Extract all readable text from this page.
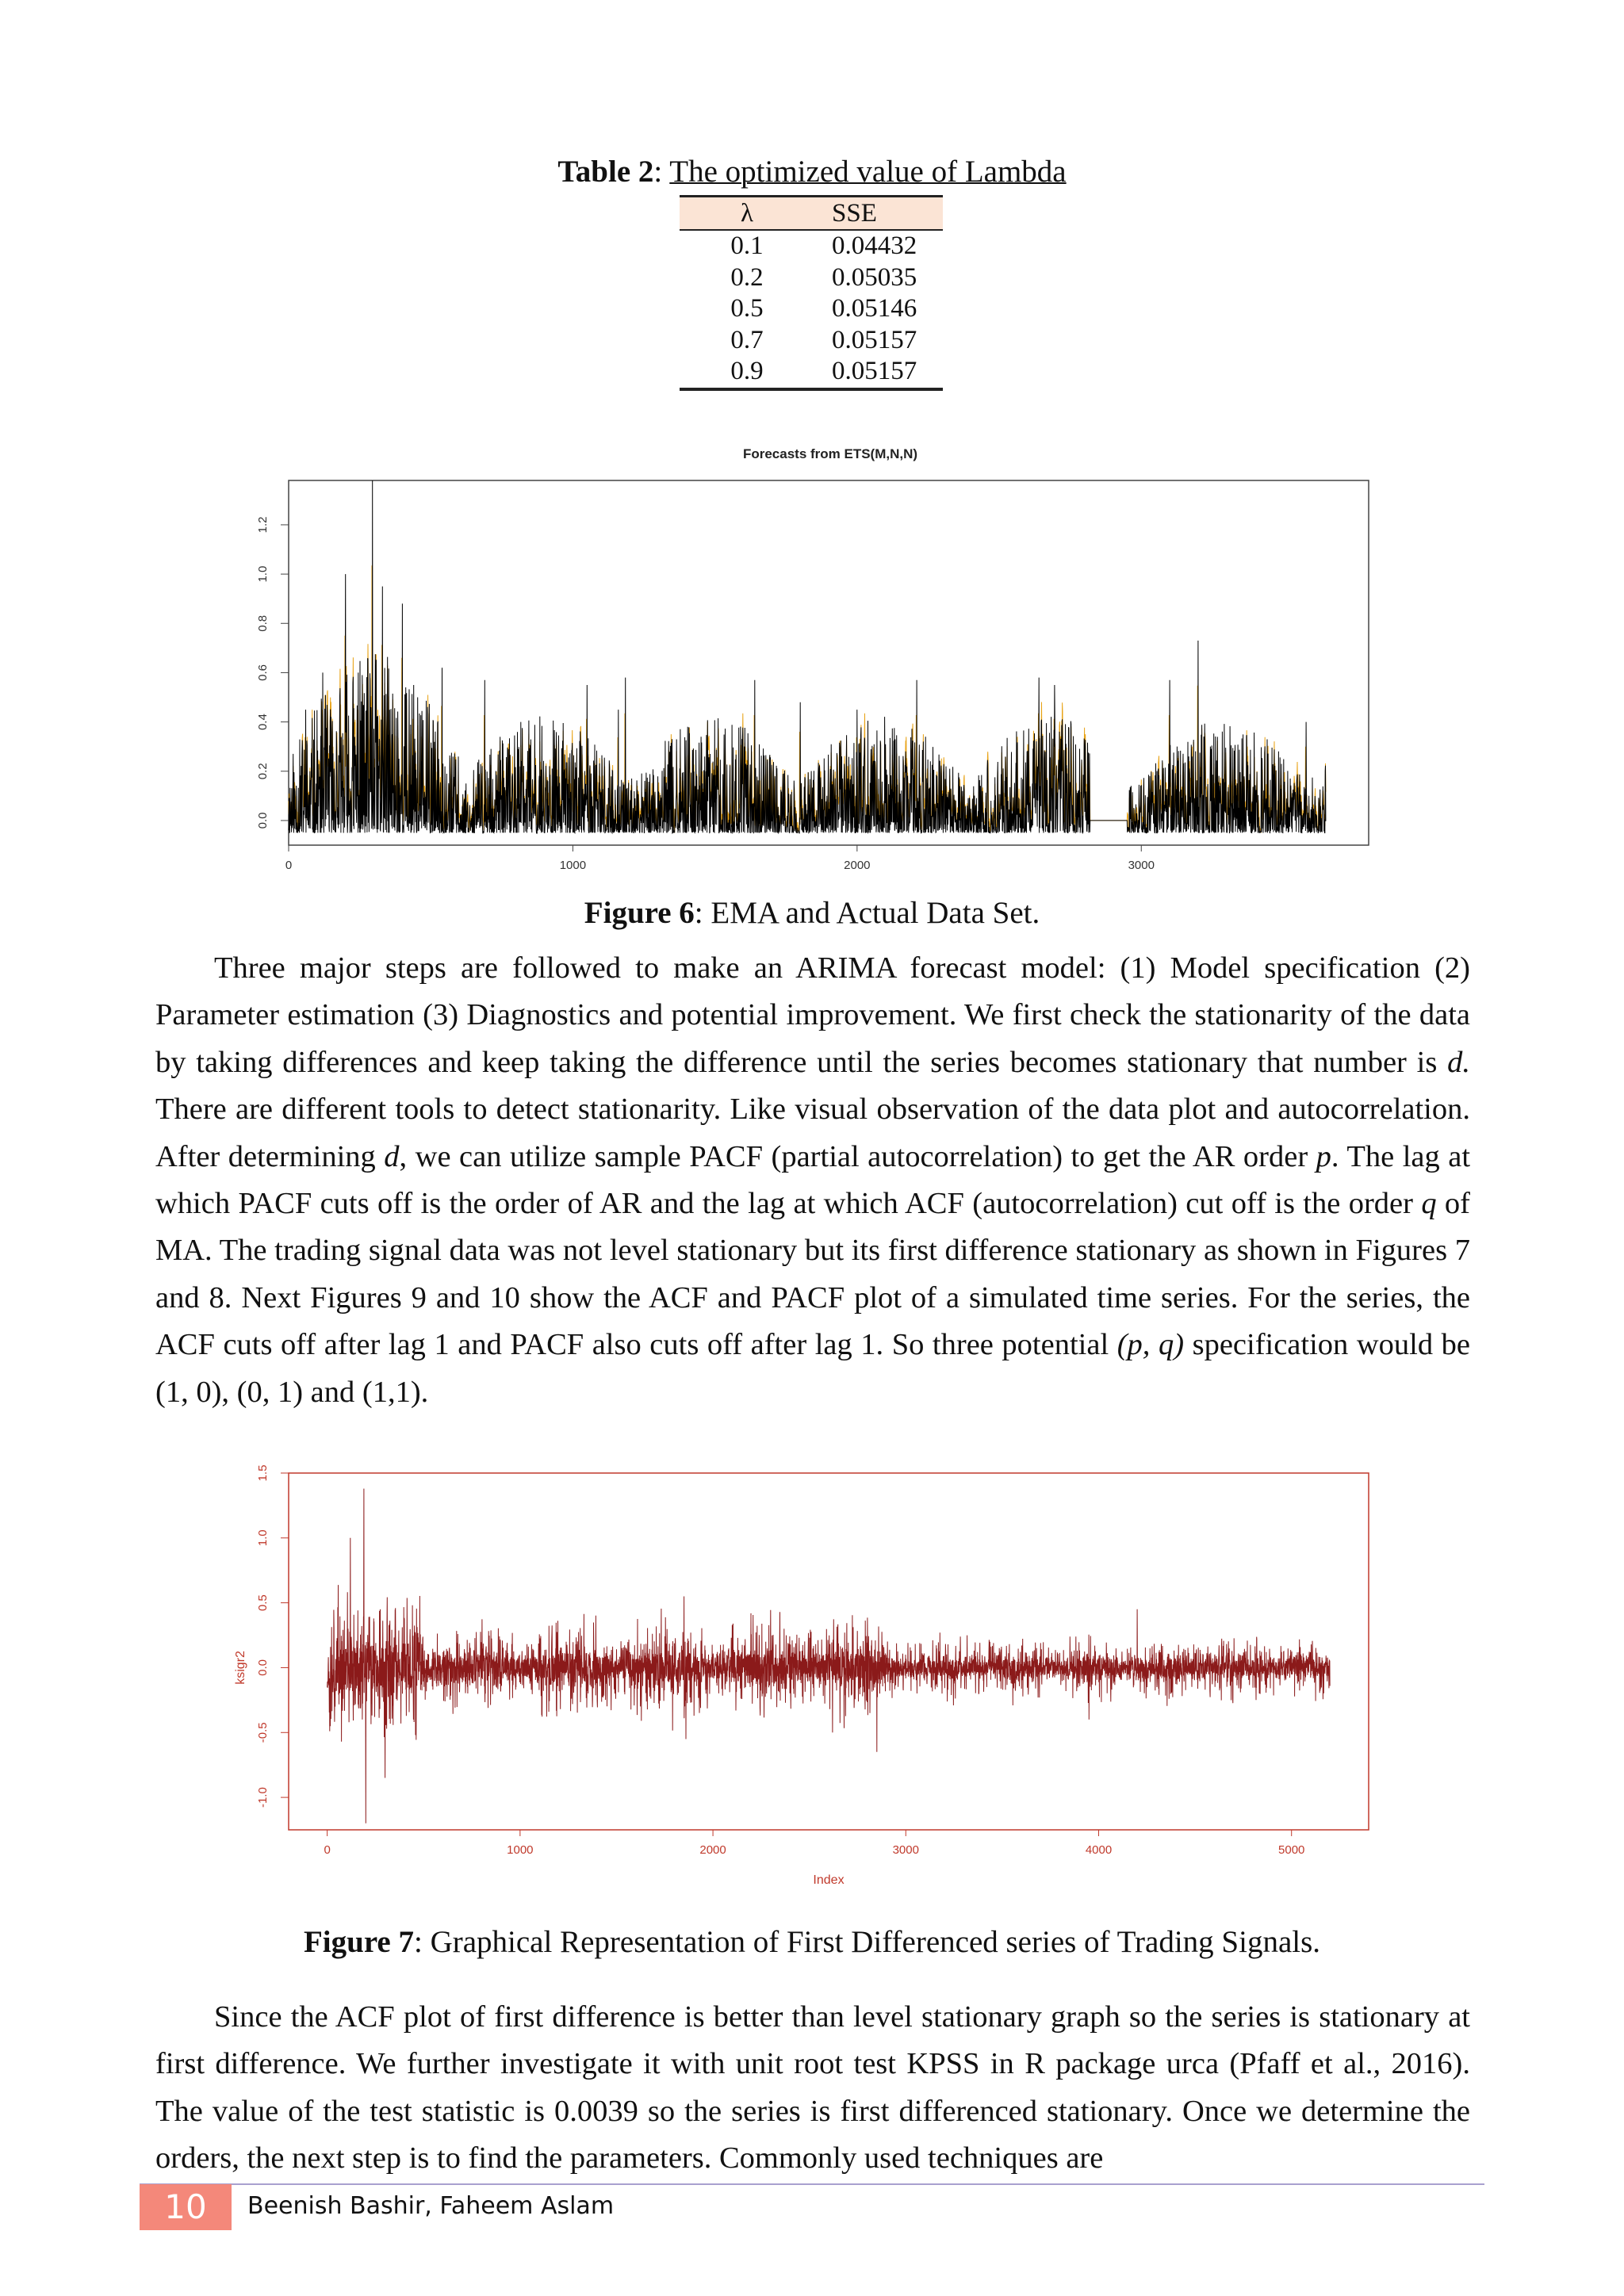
Table 2: The optimized value of Lambda
λ	SSE
0.1	0.04432
0.2	0.05035
0.5	0.05146
0.7	0.05157
0.9	0.05157
Forecasts from ETS(M,N,N)
0.0
0.2
0.4
0.6
0.8
1.0
1.2
0	1000	2000	3000
Figure 6: EMA and Actual Data Set.

Three major steps are followed to make an ARIMA forecast model: (1) Model specification (2) Parameter estimation (3) Diagnostics and potential improvement. We first check the stationarity of the data by taking differences and keep taking the difference until the series becomes stationary that number is d. There are different tools to detect stationarity. Like visual observation of the data plot and autocorrelation. After determining d, we can utilize sample PACF (partial autocorrelation) to get the AR order p. The lag at which PACF cuts off is the order of AR and the lag at which ACF (autocorrelation) cut off is the order q of MA. The trading signal data was not level stationary but its first difference stationary as shown in Figures 7 and 8. Next Figures 9 and 10 show the ACF and PACF plot of a simulated time series. For the series, the ACF cuts off after lag 1 and PACF also cuts off after lag 1. So three potential (p, q) specification would be (1, 0), (0, 1) and (1,1).

-1.0
-0.5
0.0
0.5
1.0
1.5
0	1000	2000	3000	4000	5000
Index
ksigr2
Figure 7: Graphical Representation of First Differenced series of Trading Signals.

Since the ACF plot of first difference is better than level stationary graph so the series is stationary at first difference. We further investigate it with unit root test KPSS in R package urca (Pfaff et al., 2016). The value of the test statistic is 0.0039 so the series is first differenced stationary. Once we determine the orders, the next step is to find the parameters. Commonly used techniques are

10	Beenish Bashir, Faheem Aslam
